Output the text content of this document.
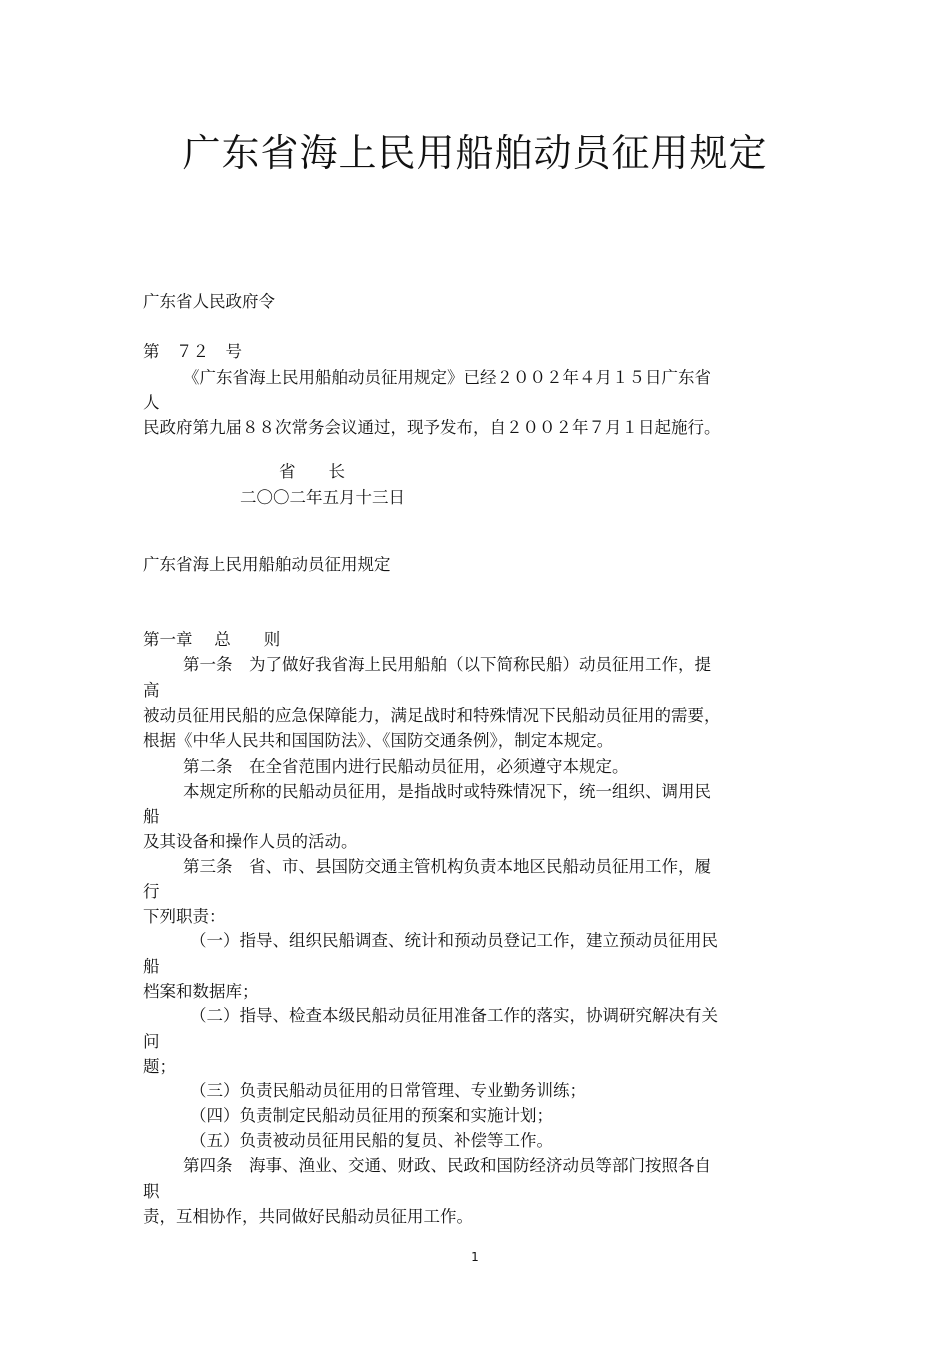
广东省海上民用船舶动员征用规定
广东省人民政府令
第　７２　号
《广东省海上民用船舶动员征用规定》已经２００２年４月１５日广东省
人
民政府第九届８８次常务会议通过，现予发布，自２００２年７月１日起施行。
省　　长
二〇〇二年五月十三日
广东省海上民用船舶动员征用规定
第一章　 总　　则
第一条　为了做好我省海上民用船舶（以下简称民船）动员征用工作，提
高
被动员征用民船的应急保障能力，满足战时和特殊情况下民船动员征用的需要，
根据《中华人民共和国国防法》、《国防交通条例》，制定本规定。
第二条　在全省范围内进行民船动员征用，必须遵守本规定。
本规定所称的民船动员征用，是指战时或特殊情况下，统一组织、调用民
船
及其设备和操作人员的活动。
第三条　省、市、县国防交通主管机构负责本地区民船动员征用工作，履
行
下列职责：
（一）指导、组织民船调查、统计和预动员登记工作，建立预动员征用民
船
档案和数据库；
（二）指导、检查本级民船动员征用准备工作的落实，协调研究解决有关
问
题；
（三）负责民船动员征用的日常管理、专业勤务训练；
（四）负责制定民船动员征用的预案和实施计划；
（五）负责被动员征用民船的复员、补偿等工作。
第四条　海事、渔业、交通、财政、民政和国防经济动员等部门按照各自
职
责，互相协作，共同做好民船动员征用工作。
1
